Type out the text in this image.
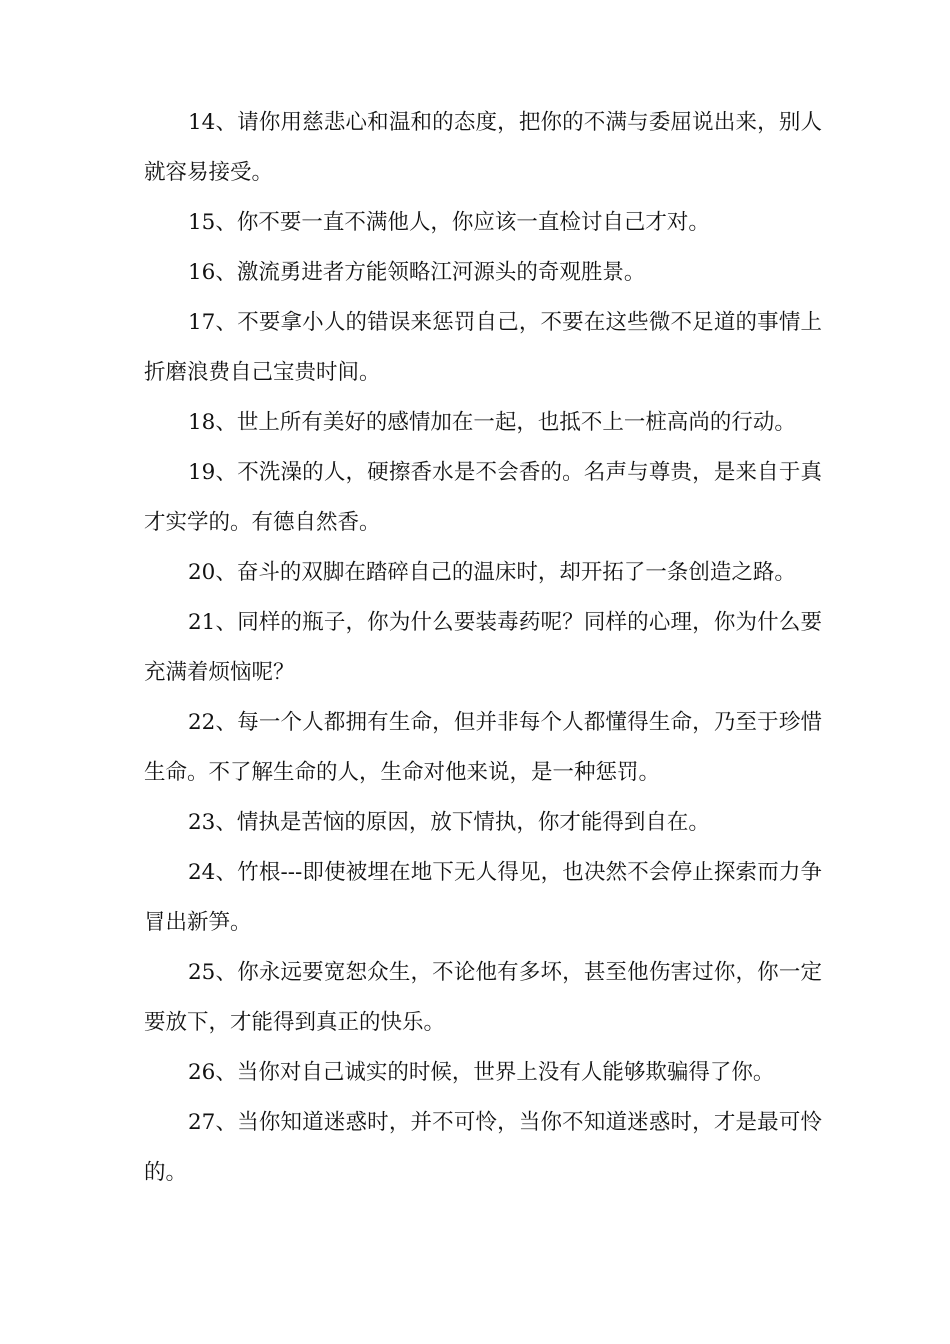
14、请你用慈悲心和温和的态度，把你的不满与委屈说出来，别人就容易接受。

15、你不要一直不满他人，你应该一直检讨自己才对。

16、激流勇进者方能领略江河源头的奇观胜景。

17、不要拿小人的错误来惩罚自己，不要在这些微不足道的事情上折磨浪费自己宝贵时间。

18、世上所有美好的感情加在一起，也抵不上一桩高尚的行动。

19、不洗澡的人，硬擦香水是不会香的。名声与尊贵，是来自于真才实学的。有德自然香。

20、奋斗的双脚在踏碎自己的温床时，却开拓了一条创造之路。

21、同样的瓶子，你为什么要装毒药呢？同样的心理，你为什么要充满着烦恼呢？

22、每一个人都拥有生命，但并非每个人都懂得生命，乃至于珍惜生命。不了解生命的人，生命对他来说，是一种惩罚。

23、情执是苦恼的原因，放下情执，你才能得到自在。

24、竹根---即使被埋在地下无人得见，也决然不会停止探索而力争冒出新笋。

25、你永远要宽恕众生，不论他有多坏，甚至他伤害过你，你一定要放下，才能得到真正的快乐。

26、当你对自己诚实的时候，世界上没有人能够欺骗得了你。

27、当你知道迷惑时，并不可怜，当你不知道迷惑时，才是最可怜的。
